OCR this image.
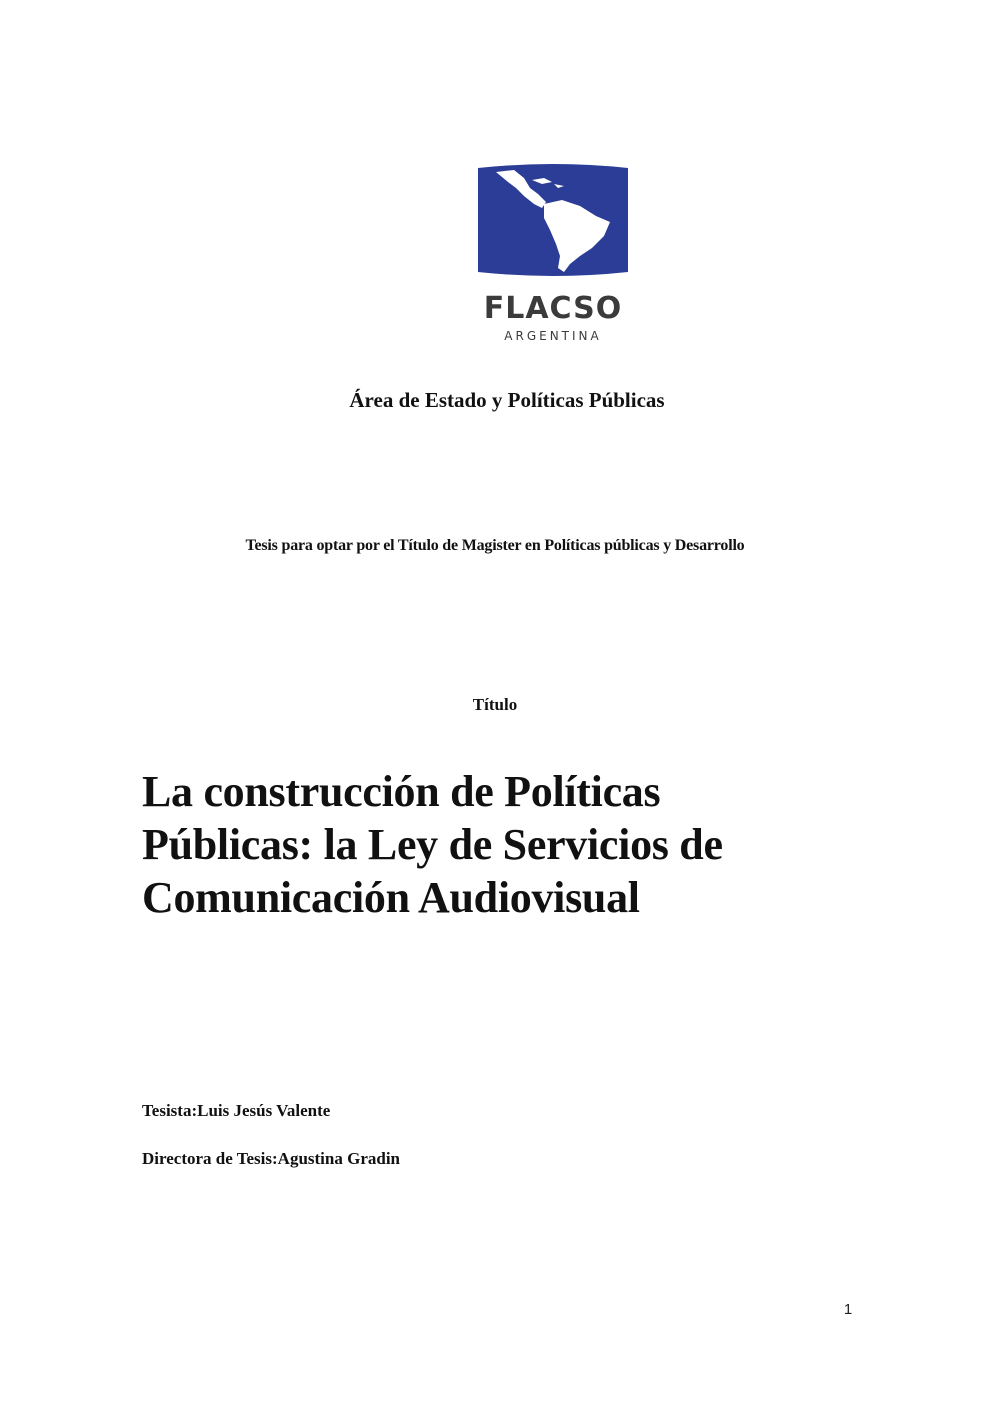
FLACSO
ARGENTINA
Área de Estado y Políticas Públicas
Tesis para optar por el Título de Magister en Políticas públicas y Desarrollo
Título
La construcción de Políticas
Públicas: la Ley de Servicios de
Comunicación Audiovisual
Tesista:Luis Jesús Valente
Directora de Tesis:Agustina Gradin
1
